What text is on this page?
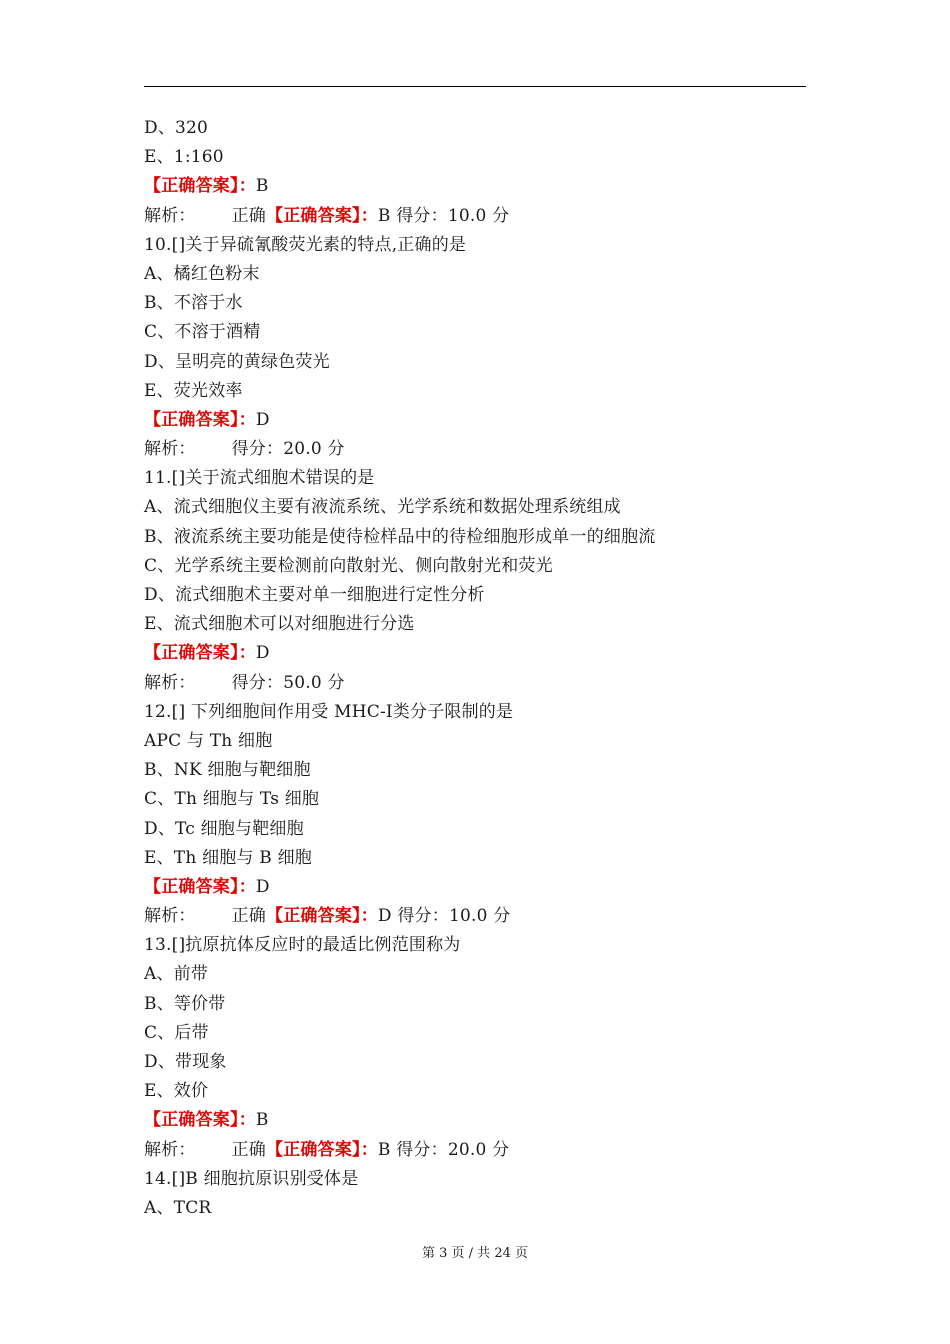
D、320
E、1:160
【正确答案】：B
解析： 正确【正确答案】：B 得分：10.0 分
10.[]关于异硫氰酸荧光素的特点,正确的是
A、橘红色粉末
B、不溶于水
C、不溶于酒精
D、呈明亮的黄绿色荧光
E、荧光效率
【正确答案】：D
解析： 得分：20.0 分
11.[]关于流式细胞术错误的是
A、流式细胞仪主要有液流系统、光学系统和数据处理系统组成
B、液流系统主要功能是使待检样品中的待检细胞形成单一的细胞流
C、光学系统主要检测前向散射光、侧向散射光和荧光
D、流式细胞术主要对单一细胞进行定性分析
E、流式细胞术可以对细胞进行分选
【正确答案】：D
解析： 得分：50.0 分
12.[] 下列细胞间作用受 MHC-Ⅰ类分子限制的是
APC 与 Th 细胞
B、NK 细胞与靶细胞
C、Th 细胞与 Ts 细胞
D、Tc 细胞与靶细胞
E、Th 细胞与 B 细胞
【正确答案】：D
解析： 正确【正确答案】：D 得分：10.0 分
13.[]抗原抗体反应时的最适比例范围称为
A、前带
B、等价带
C、后带
D、带现象
E、效价
【正确答案】：B
解析： 正确【正确答案】：B 得分：20.0 分
14.[]B 细胞抗原识别受体是
A、TCR
第 3 页 / 共 24 页
